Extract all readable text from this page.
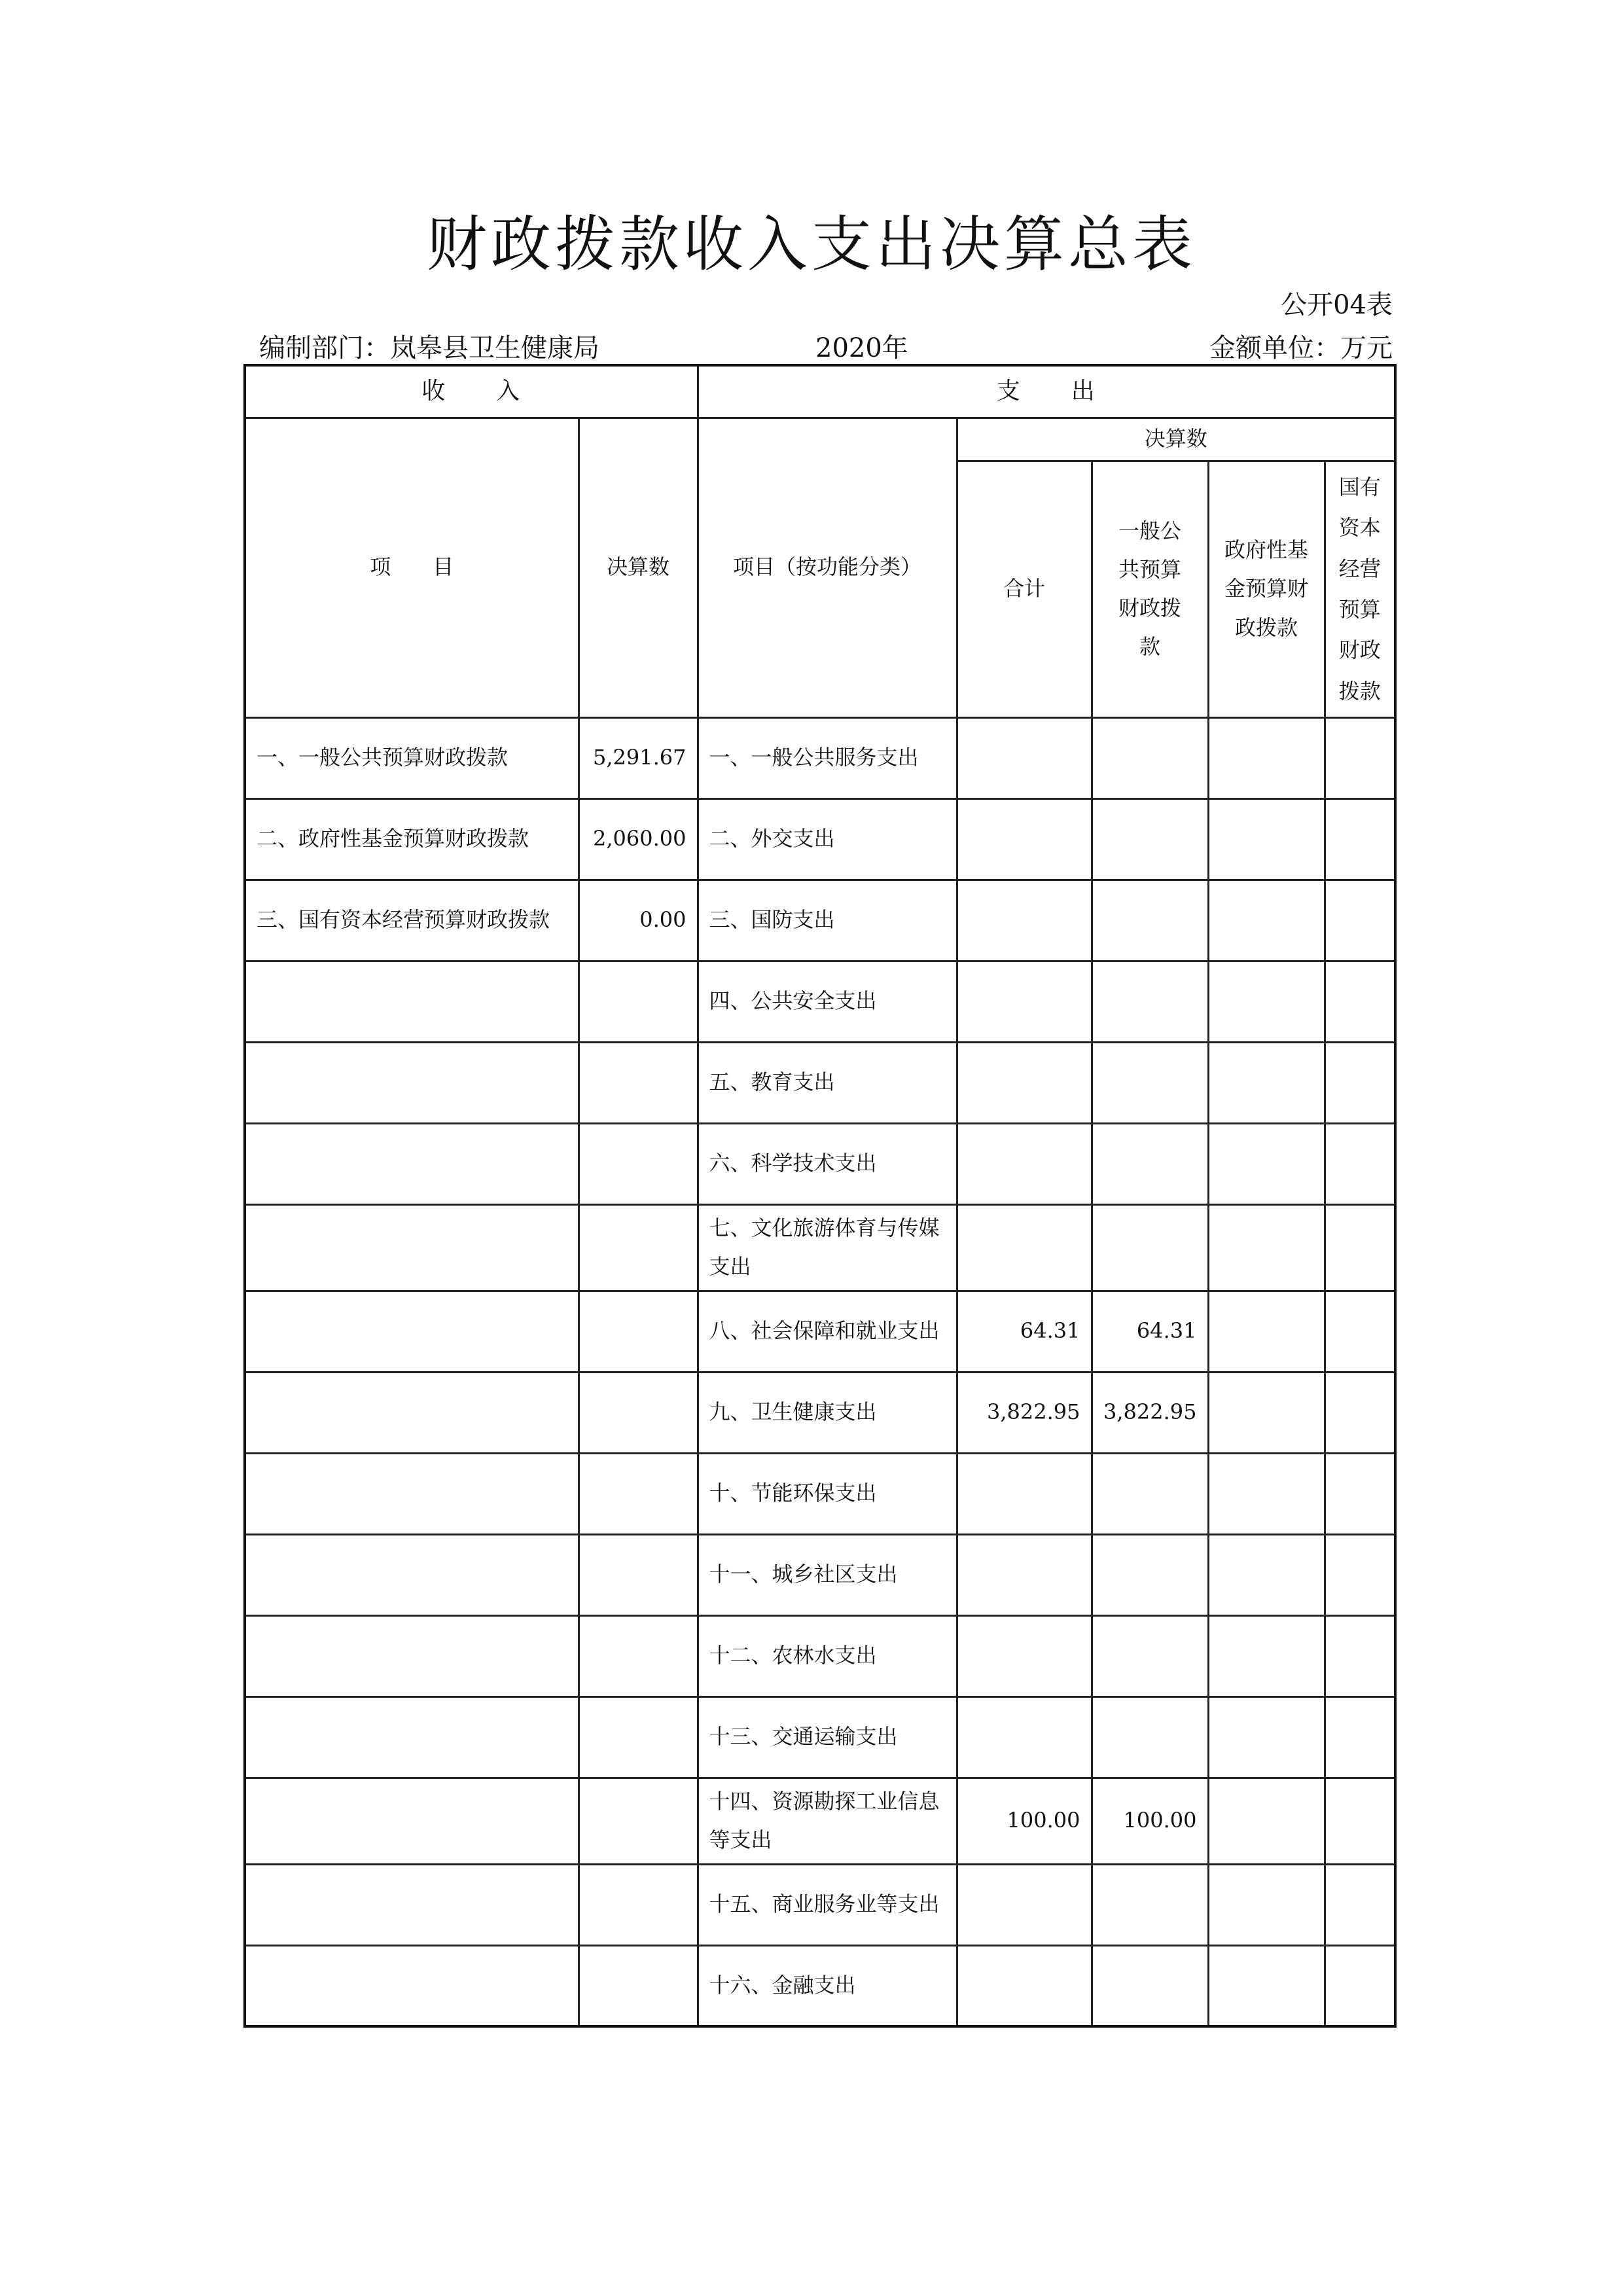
财政拨款收入支出决算总表
公开04表
编制部门：岚皋县卫生健康局	2020年	金额单位：万元
收　　入		支　　出				
项　　目	决算数	项目（按功能分类）	决算数			
			合计	一般公共预算财政拨款	政府性基金预算财政拨款	国有资本经营预算财政拨款
一、一般公共预算财政拨款	5,291.67	一、一般公共服务支出				
二、政府性基金预算财政拨款	2,060.00	二、外交支出				
三、国有资本经营预算财政拨款	0.00	三、国防支出				
		四、公共安全支出				
		五、教育支出				
		六、科学技术支出				
		七、文化旅游体育与传媒支出				
		八、社会保障和就业支出	64.31	64.31		
		九、卫生健康支出	3,822.95	3,822.95		
		十、节能环保支出				
		十一、城乡社区支出				
		十二、农林水支出				
		十三、交通运输支出				
		十四、资源勘探工业信息等支出	100.00	100.00		
		十五、商业服务业等支出				
		十六、金融支出				
